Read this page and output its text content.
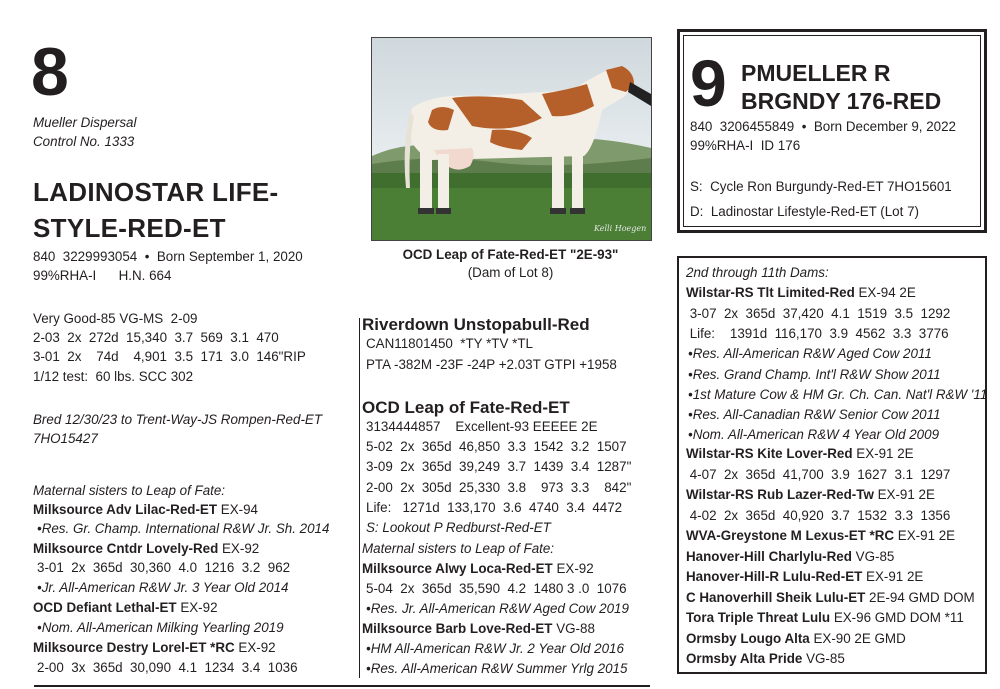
8
Mueller Dispersal
Control No. 1333
LADINOSTAR LIFE-
STYLE-RED-ET
840  3229993054  •  Born September 1, 2020
99%RHA-I      H.N. 664
Very Good-85 VG-MS  2-09
2-03  2x  272d  15,340  3.7  569  3.1  470
3-01  2x    74d    4,901  3.5  171  3.0  146"RIP
1/12 test:  60 lbs. SCC 302
Bred 12/30/23 to Trent-Way-JS Rompen-Red-ET
7HO15427
Maternal sisters to Leap of Fate:
Milksource Adv Lilac-Red-ET EX-94
•Res. Gr. Champ. International R&W Jr. Sh. 2014
Milksource Cntdr Lovely-Red EX-92
3-01  2x  365d  30,360  4.0  1216  3.2  962
•Jr. All-American R&W Jr. 3 Year Old 2014
OCD Defiant Lethal-ET EX-92
•Nom. All-American Milking Yearling 2019
Milksource Destry Lorel-ET *RC EX-92
2-00  3x  365d  30,090  4.1  1234  3.4  1036
Kelli Hoegen
OCD Leap of Fate-Red-ET "2E-93"
(Dam of Lot 8)
Riverdown Unstopabull-Red
CAN11801450  *TY *TV *TL
PTA -382M -23F -24P +2.03T GTPI +1958
OCD Leap of Fate-Red-ET
3134444857    Excellent-93 EEEEE 2E
5-02  2x  365d  46,850  3.3  1542  3.2  1507
3-09  2x  365d  39,249  3.7  1439  3.4  1287"
2-00  2x  305d  25,330  3.8    973  3.3    842"
Life:   1271d  133,170  3.6  4740  3.4  4472
S: Lookout P Redburst-Red-ET
Maternal sisters to Leap of Fate:
Milksource Alwy Loca-Red-ET EX-92
5-04  2x  365d  35,590  4.2  1480 3 .0  1076
•Res. Jr. All-American R&W Aged Cow 2019
Milksource Barb Love-Red-ET VG-88
•HM All-American R&W Jr. 2 Year Old 2016
•Res. All-American R&W Summer Yrlg 2015
9 PMUELLER R
BRGNDY 176-RED
840  3206455849  •  Born December 9, 2022
99%RHA-I  ID 176
S:  Cycle Ron Burgundy-Red-ET 7HO15601
D:  Ladinostar Lifestyle-Red-ET (Lot 7)
2nd through 11th Dams:
Wilstar-RS Tlt Limited-Red EX-94 2E
3-07  2x  365d  37,420  4.1  1519  3.5  1292
Life:    1391d  116,170  3.9  4562  3.3  3776
•Res. All-American R&W Aged Cow 2011
•Res. Grand Champ. Int'l R&W Show 2011
•1st Mature Cow & HM Gr. Ch. Can. Nat'l R&W '11
•Res. All-Canadian R&W Senior Cow 2011
•Nom. All-American R&W 4 Year Old 2009
Wilstar-RS Kite Lover-Red EX-91 2E
4-07  2x  365d  41,700  3.9  1627  3.1  1297
Wilstar-RS Rub Lazer-Red-Tw EX-91 2E
4-02  2x  365d  40,920  3.7  1532  3.3  1356
WVA-Greystone M Lexus-ET *RC EX-91 2E
Hanover-Hill Charlylu-Red VG-85
Hanover-Hill-R Lulu-Red-ET EX-91 2E
C Hanoverhill Sheik Lulu-ET 2E-94 GMD DOM
Tora Triple Threat Lulu EX-96 GMD DOM *11
Ormsby Lougo Alta EX-90 2E GMD
Ormsby Alta Pride VG-85
